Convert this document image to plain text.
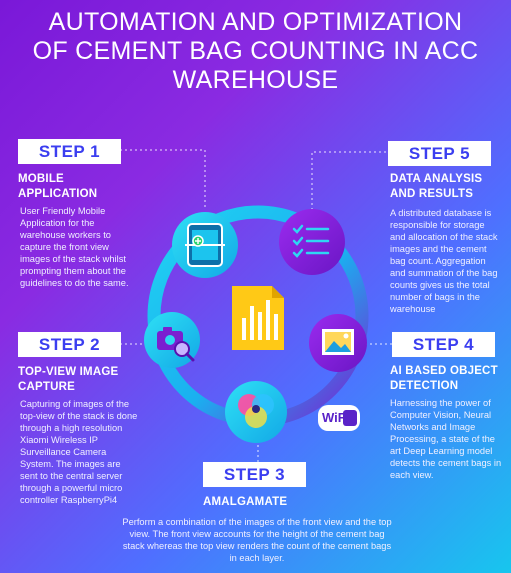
AUTOMATION AND OPTIMIZATION
OF CEMENT BAG COUNTING IN ACC
WAREHOUSE
WiFi
STEP 1
MOBILE
APPLICATION
User Friendly Mobile Application for the warehouse workers to capture the front view images of the stack whilst prompting them about the guidelines to do the same.
STEP 5
DATA ANALYSIS
AND RESULTS
A distributed database is responsible for storage and allocation of the stack images and the cement bag count. Aggregation and summation of the bag counts gives us the total number of bags in the warehouse
STEP 2
TOP-VIEW IMAGE
CAPTURE
Capturing of images of the top-view of the stack is done through a high resolution Xiaomi Wireless IP Surveillance Camera System. The images are sent to the central server through a powerful micro controller RaspberryPi4
STEP 4
AI BASED OBJECT
DETECTION
Harnessing the power of Computer Vision, Neural Networks and Image Processing, a state of the art Deep Learning model detects the cement bags in each view.
STEP 3
AMALGAMATE
Perform a combination of the images of the front view and the top view. The front view accounts for the height of the cement bag stack whereas the top view renders the count of the cement bags in each layer.
